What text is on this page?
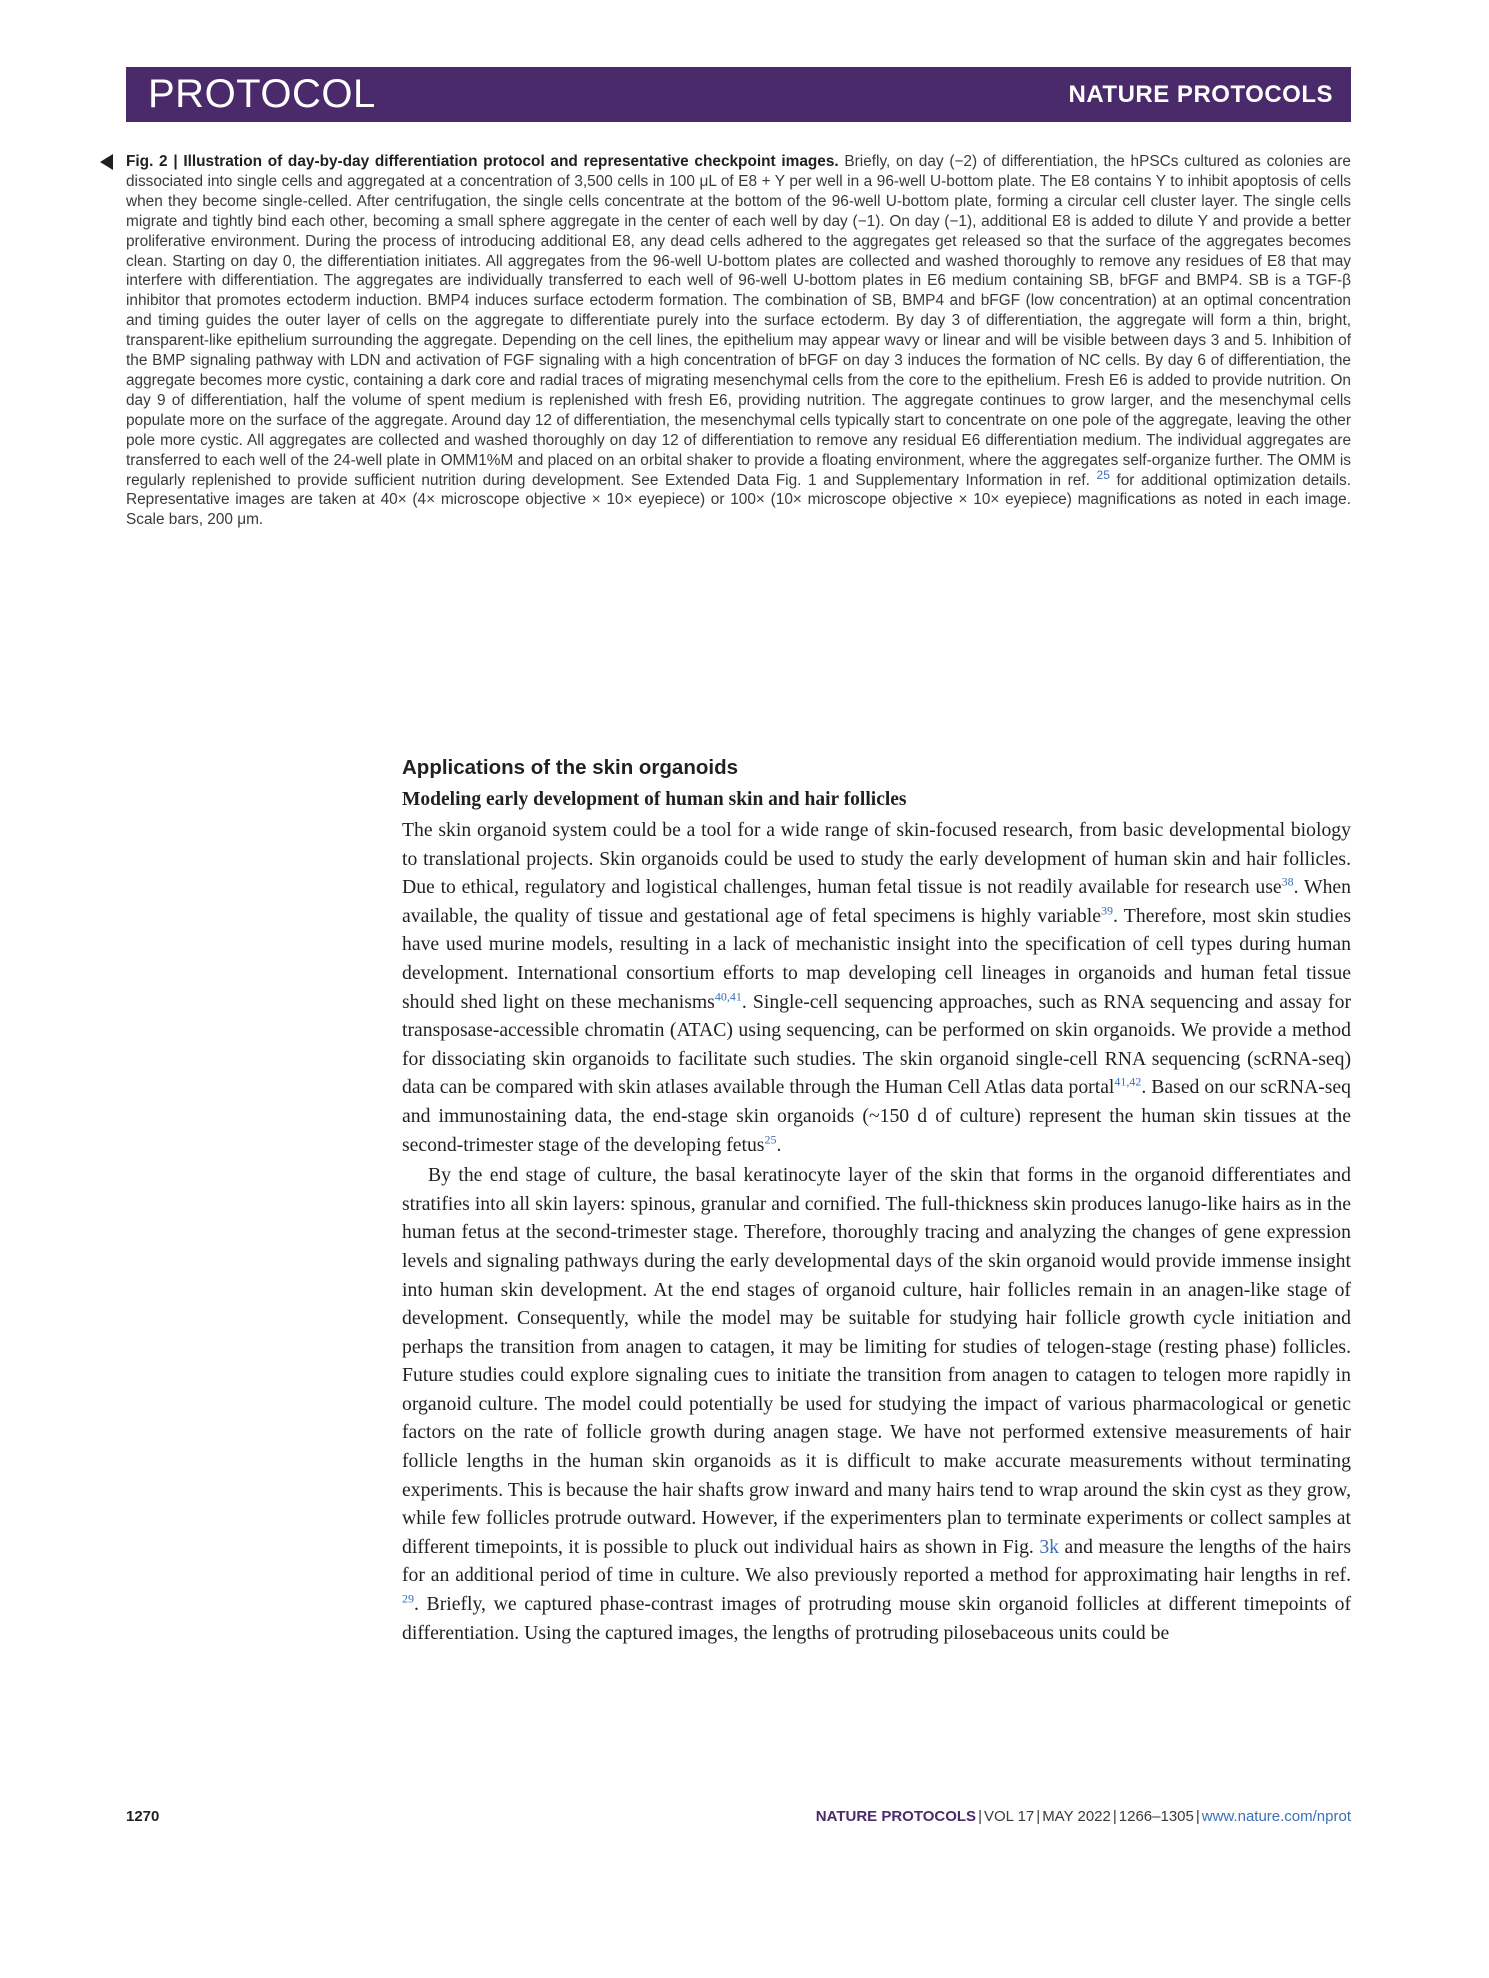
PROTOCOL	NATURE PROTOCOLS

Fig. 2 | Illustration of day-by-day differentiation protocol and representative checkpoint images. Briefly, on day (−2) of differentiation, the hPSCs cultured as colonies are dissociated into single cells and aggregated at a concentration of 3,500 cells in 100 μL of E8 + Y per well in a 96-well U-bottom plate. The E8 contains Y to inhibit apoptosis of cells when they become single-celled. After centrifugation, the single cells concentrate at the bottom of the 96-well U-bottom plate, forming a circular cell cluster layer. The single cells migrate and tightly bind each other, becoming a small sphere aggregate in the center of each well by day (−1). On day (−1), additional E8 is added to dilute Y and provide a better proliferative environment. During the process of introducing additional E8, any dead cells adhered to the aggregates get released so that the surface of the aggregates becomes clean. Starting on day 0, the differentiation initiates. All aggregates from the 96-well U-bottom plates are collected and washed thoroughly to remove any residues of E8 that may interfere with differentiation. The aggregates are individually transferred to each well of 96-well U-bottom plates in E6 medium containing SB, bFGF and BMP4. SB is a TGF-β inhibitor that promotes ectoderm induction. BMP4 induces surface ectoderm formation. The combination of SB, BMP4 and bFGF (low concentration) at an optimal concentration and timing guides the outer layer of cells on the aggregate to differentiate purely into the surface ectoderm. By day 3 of differentiation, the aggregate will form a thin, bright, transparent-like epithelium surrounding the aggregate. Depending on the cell lines, the epithelium may appear wavy or linear and will be visible between days 3 and 5. Inhibition of the BMP signaling pathway with LDN and activation of FGF signaling with a high concentration of bFGF on day 3 induces the formation of NC cells. By day 6 of differentiation, the aggregate becomes more cystic, containing a dark core and radial traces of migrating mesenchymal cells from the core to the epithelium. Fresh E6 is added to provide nutrition. On day 9 of differentiation, half the volume of spent medium is replenished with fresh E6, providing nutrition. The aggregate continues to grow larger, and the mesenchymal cells populate more on the surface of the aggregate. Around day 12 of differentiation, the mesenchymal cells typically start to concentrate on one pole of the aggregate, leaving the other pole more cystic. All aggregates are collected and washed thoroughly on day 12 of differentiation to remove any residual E6 differentiation medium. The individual aggregates are transferred to each well of the 24-well plate in OMM1%M and placed on an orbital shaker to provide a floating environment, where the aggregates self-organize further. The OMM is regularly replenished to provide sufficient nutrition during development. See Extended Data Fig. 1 and Supplementary Information in ref. $^{25}$ for additional optimization details. Representative images are taken at 40× (4× microscope objective × 10× eyepiece) or 100× (10× microscope objective × 10× eyepiece) magnifications as noted in each image. Scale bars, 200 μm.

Applications of the skin organoids
Modeling early development of human skin and hair follicles

The skin organoid system could be a tool for a wide range of skin-focused research, from basic developmental biology to translational projects. Skin organoids could be used to study the early development of human skin and hair follicles. Due to ethical, regulatory and logistical challenges, human fetal tissue is not readily available for research use$^{38}$. When available, the quality of tissue and gestational age of fetal specimens is highly variable$^{39}$. Therefore, most skin studies have used murine models, resulting in a lack of mechanistic insight into the specification of cell types during human development. International consortium efforts to map developing cell lineages in organoids and human fetal tissue should shed light on these mechanisms$^{40,41}$. Single-cell sequencing approaches, such as RNA sequencing and assay for transposase-accessible chromatin (ATAC) using sequencing, can be performed on skin organoids. We provide a method for dissociating skin organoids to facilitate such studies. The skin organoid single-cell RNA sequencing (scRNA-seq) data can be compared with skin atlases available through the Human Cell Atlas data portal$^{41,42}$. Based on our scRNA-seq and immunostaining data, the end-stage skin organoids (~150 d of culture) represent the human skin tissues at the second-trimester stage of the developing fetus$^{25}$.

By the end stage of culture, the basal keratinocyte layer of the skin that forms in the organoid differentiates and stratifies into all skin layers: spinous, granular and cornified. The full-thickness skin produces lanugo-like hairs as in the human fetus at the second-trimester stage. Therefore, thoroughly tracing and analyzing the changes of gene expression levels and signaling pathways during the early developmental days of the skin organoid would provide immense insight into human skin development. At the end stages of organoid culture, hair follicles remain in an anagen-like stage of development. Consequently, while the model may be suitable for studying hair follicle growth cycle initiation and perhaps the transition from anagen to catagen, it may be limiting for studies of telogen-stage (resting phase) follicles. Future studies could explore signaling cues to initiate the transition from anagen to catagen to telogen more rapidly in organoid culture. The model could potentially be used for studying the impact of various pharmacological or genetic factors on the rate of follicle growth during anagen stage. We have not performed extensive measurements of hair follicle lengths in the human skin organoids as it is difficult to make accurate measurements without terminating experiments. This is because the hair shafts grow inward and many hairs tend to wrap around the skin cyst as they grow, while few follicles protrude outward. However, if the experimenters plan to terminate experiments or collect samples at different timepoints, it is possible to pluck out individual hairs as shown in Fig. 3k and measure the lengths of the hairs for an additional period of time in culture. We also previously reported a method for approximating hair lengths in ref. $^{29}$. Briefly, we captured phase-contrast images of protruding mouse skin organoid follicles at different timepoints of differentiation. Using the captured images, the lengths of protruding pilosebaceous units could be

1270	NATURE PROTOCOLS | VOL 17 | MAY 2022 | 1266–1305 | www.nature.com/nprot
